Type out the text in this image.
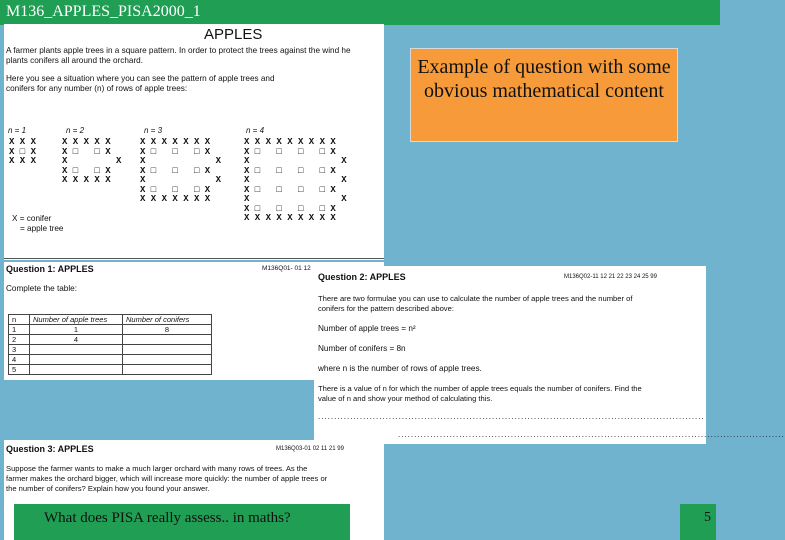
M136_APPLES_PISA2000_1
APPLES
A farmer plants apple trees in a square pattern. In order to protect the trees against the wind he
plants conifers all around the orchard.
Here you see a situation where you can see the pattern of apple trees and
conifers for any number (n) of rows of apple trees:
n = 1	n = 2	n = 3	n = 4
X X X
X □ X
X X X
X X X X X
X □   □ X
X         X
X □   □ X
X X X X X
X X X X X X X
X □   □   □ X
X             X
X □   □   □ X
X             X
X □   □   □ X
X X X X X X X
X X X X X X X X X
X □   □   □   □ X
X                 X
X □   □   □   □ X
X                 X
X □   □   □   □ X
X                 X
X □   □   □   □ X
X X X X X X X X X
X = conifer
= apple tree
Question 1: APPLES	M136Q01- 01 12
Complete the table:
n	Number of apple trees	Number of conifers
1	1	8
2	4	
3		
4		
5		
Question 2: APPLES	M136Q02-11 12 21 22 23 24 25 99
There are two formulae you can use to calculate the number of apple trees and the number of
conifers for the pattern described above:
Number of apple trees = n²
Number of conifers = 8n
where n is the number of rows of apple trees.
There is a value of n for which the number of apple trees equals the number of conifers. Find the
value of n and show your method of calculating this.
........................................................................................................................
........................................................................................................................
Question 3: APPLES	M136Q03-01 02 11 21 99
Suppose the farmer wants to make a much larger orchard with many rows of trees. As the
farmer makes the orchard bigger, which will increase more quickly: the number of apple trees or
the number of conifers? Explain how you found your answer.
Example of question with some obvious mathematical content
What does PISA really assess.. in maths?	5
